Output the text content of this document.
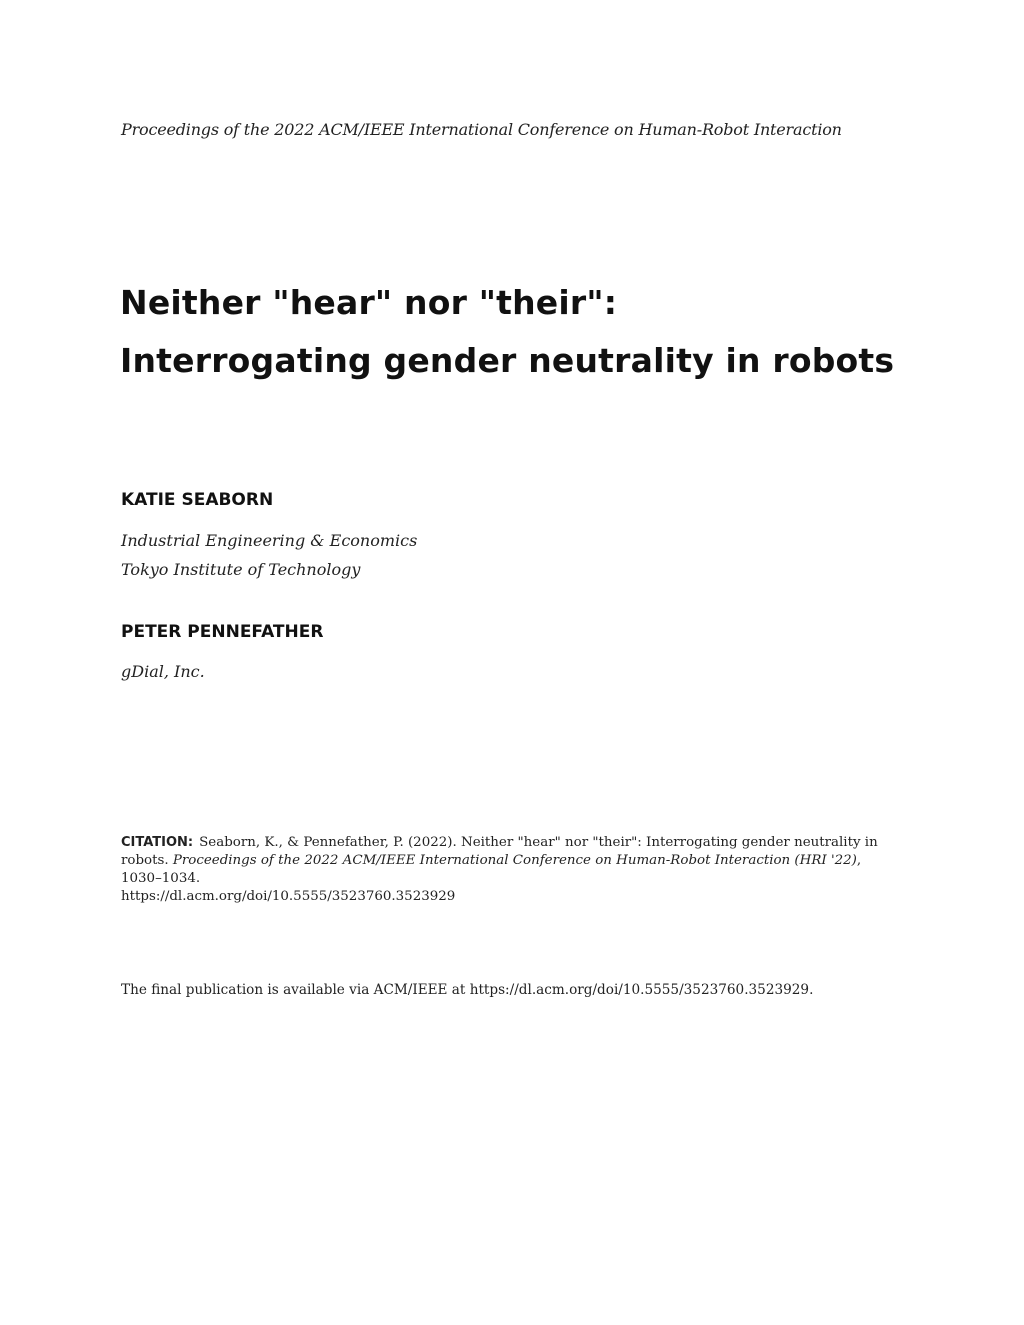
Proceedings of the 2022 ACM/IEEE International Conference on Human-Robot Interaction
Neither "hear" nor "their":
Interrogating gender neutrality in robots
KATIE SEABORN
Industrial Engineering & Economics
Tokyo Institute of Technology
PETER PENNEFATHER
gDial, Inc.
CITATION: Seaborn, K., & Pennefather, P. (2022). Neither "hear" nor "their": Interrogating gender neutrality in robots. Proceedings of the 2022 ACM/IEEE International Conference on Human-Robot Interaction (HRI '22), 1030–1034.
https://dl.acm.org/doi/10.5555/3523760.3523929
The final publication is available via ACM/IEEE at https://dl.acm.org/doi/10.5555/3523760.3523929.
